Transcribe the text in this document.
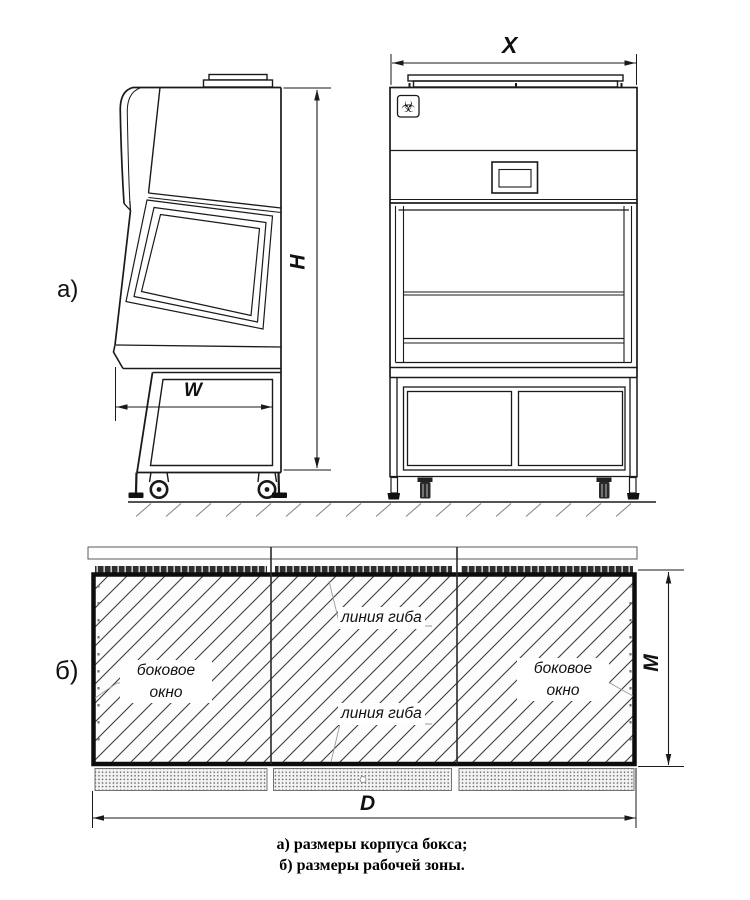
☣
а)
б)
X
H
W
M
D
боковое
окно
боковое
окно
линия гиба
линия гиба
а) размеры корпуса бокса;
б) размеры рабочей зоны.
